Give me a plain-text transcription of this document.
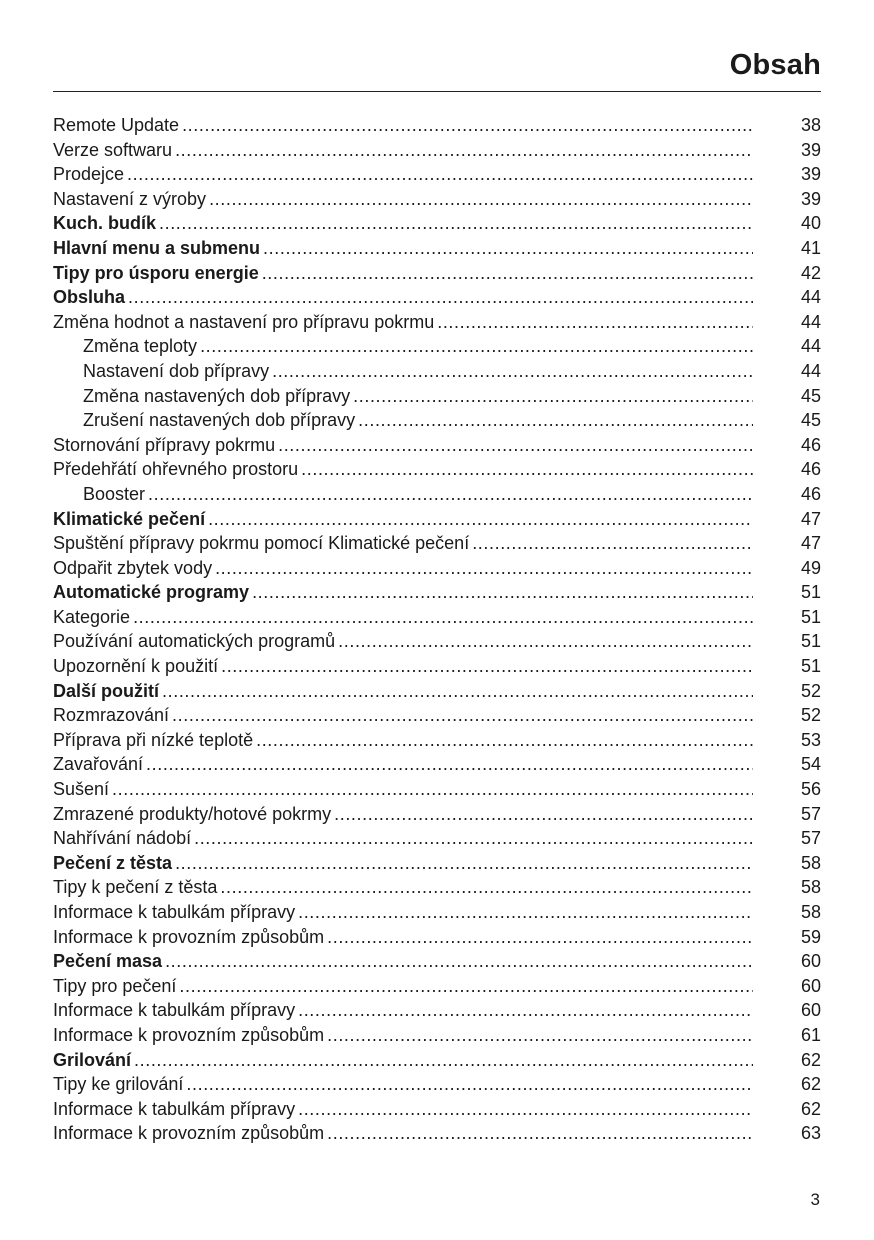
Obsah
Remote Update .....	38
Verze softwaru .....	39
Prodejce .....	39
Nastavení z výroby .....	39
Kuch. budík .....	40
Hlavní menu a submenu .....	41
Tipy pro úsporu energie .....	42
Obsluha .....	44
Změna hodnot a nastavení pro přípravu pokrmu .....	44
Změna teploty .....	44
Nastavení dob přípravy .....	44
Změna nastavených dob přípravy .....	45
Zrušení nastavených dob přípravy .....	45
Stornování přípravy pokrmu .....	46
Předehřátí ohřevného prostoru .....	46
Booster .....	46
Klimatické pečení .....	47
Spuštění přípravy pokrmu pomocí Klimatické pečení .....	47
Odpařit zbytek vody .....	49
Automatické programy .....	51
Kategorie .....	51
Používání automatických programů .....	51
Upozornění k použití .....	51
Další použití .....	52
Rozmrazování .....	52
Příprava při nízké teplotě .....	53
Zavařování .....	54
Sušení .....	56
Zmrazené produkty/hotové pokrmy .....	57
Nahřívání nádobí .....	57
Pečení z těsta .....	58
Tipy k pečení z těsta .....	58
Informace k tabulkám přípravy .....	58
Informace k provozním způsobům .....	59
Pečení masa .....	60
Tipy pro pečení .....	60
Informace k tabulkám přípravy .....	60
Informace k provozním způsobům .....	61
Grilování .....	62
Tipy ke grilování .....	62
Informace k tabulkám přípravy .....	62
Informace k provozním způsobům .....	63
3
